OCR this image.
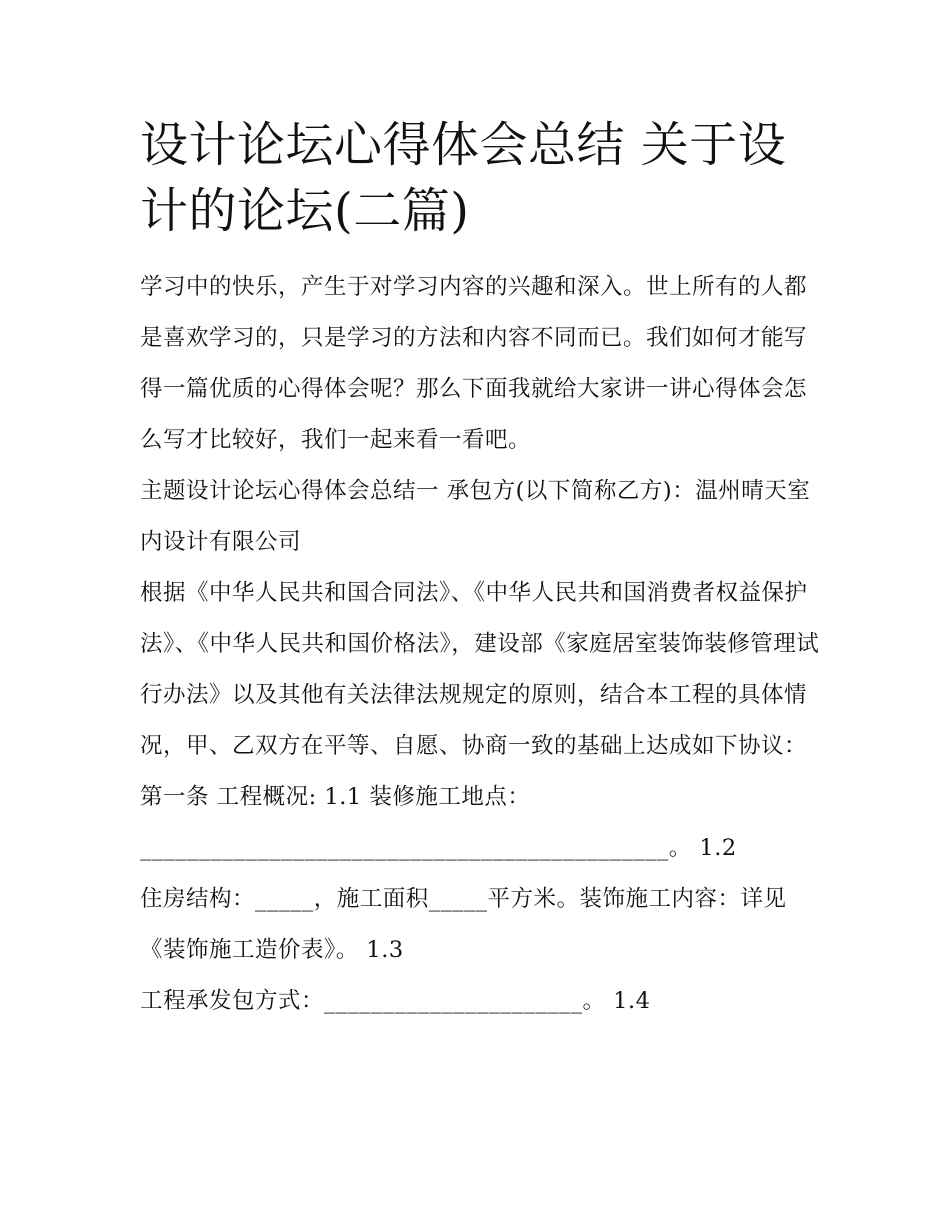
设计论坛心得体会总结 关于设计的论坛(二篇)

学习中的快乐，产生于对学习内容的兴趣和深入。世上所有的人都是喜欢学习的，只是学习的方法和内容不同而已。我们如何才能写得一篇优质的心得体会呢？那么下面我就给大家讲一讲心得体会怎么写才比较好，我们一起来看一看吧。

主题设计论坛心得体会总结一 承包方(以下简称乙方)：温州晴天室内设计有限公司

根据《中华人民共和国合同法》、《中华人民共和国消费者权益保护法》、《中华人民共和国价格法》，建设部《家庭居室装饰装修管理试行办法》以及其他有关法律法规规定的原则，结合本工程的具体情况，甲、乙双方在平等、自愿、协商一致的基础上达成如下协议：

第一条 工程概况: 1.1 装修施工地点：

_____________________________________________。 1.2

住房结构：_____，施工面积_____平方米。装饰施工内容：详见《装饰施工造价表》。 1.3

工程承发包方式：______________________。 1.4
